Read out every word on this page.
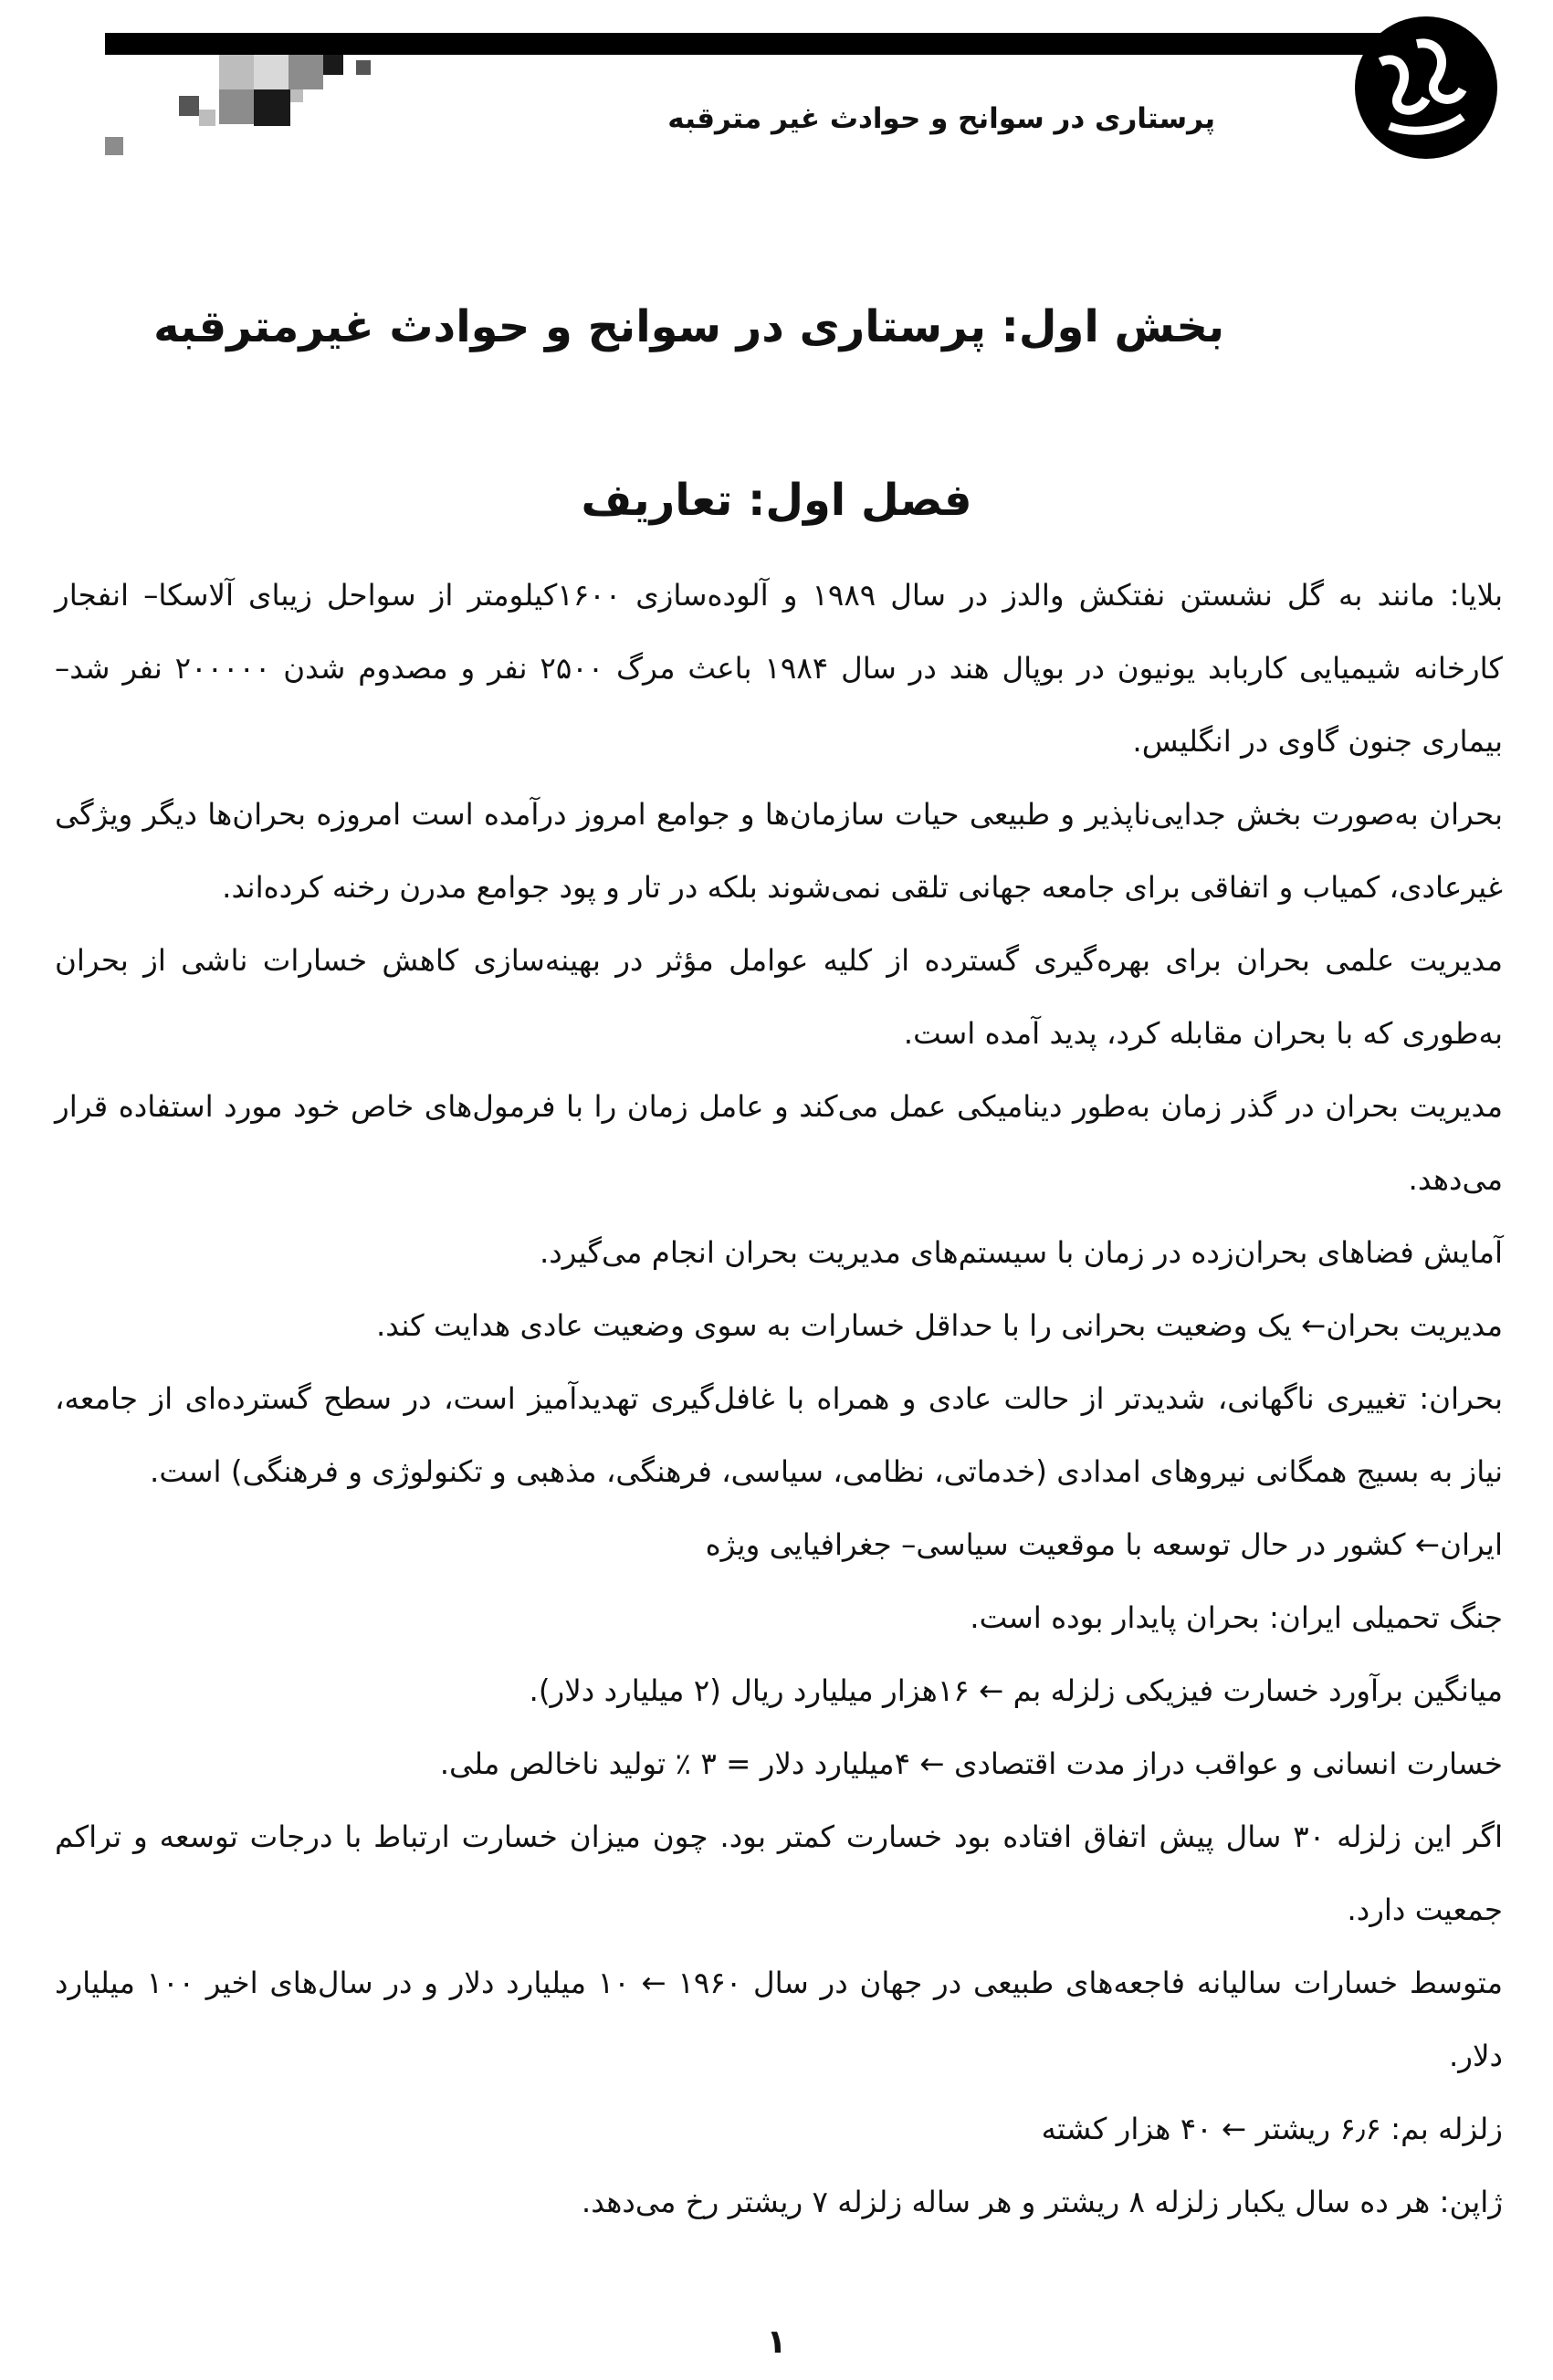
پرستاری در سوانح و حوادث غیر مترقبه
بخش اول: پرستاری در سوانح و حوادث غیرمترقبه
فصل اول: تعاریف

بلایا: مانند به گل نشستن نفتکش والدز در سال ۱۹۸۹ و آلوده‌سازی ۱۶۰۰کیلومتر از سواحل زیبای آلاسکا– انفجار کارخانه شیمیایی کاربابد یونیون در بوپال هند در سال ۱۹۸۴ باعث مرگ ۲۵۰۰ نفر و مصدوم شدن ۲۰۰۰۰۰ نفر شد– بیماری جنون گاوی در انگلیس.

بحران به‌صورت بخش جدایی‌ناپذیر و طبیعی حیات سازمان‌ها و جوامع امروز درآمده است امروزه بحران‌ها دیگر ویژگی غیرعادی، کمیاب و اتفاقی برای جامعه جهانی تلقی نمی‌شوند بلکه در تار و پود جوامع مدرن رخنه کرده‌اند.

مدیریت علمی بحران برای بهره‌گیری گسترده از کلیه عوامل مؤثر در بهینه‌سازی کاهش خسارات ناشی از بحران به‌طوری که با بحران مقابله کرد، پدید آمده است.

مدیریت بحران در گذر زمان به‌طور دینامیکی عمل می‌کند و عامل زمان را با فرمول‌های خاص خود مورد استفاده قرار می‌دهد.

آمایش فضاهای بحران‌زده در زمان با سیستم‌های مدیریت بحران انجام می‌گیرد.

مدیریت بحران← یک وضعیت بحرانی را با حداقل خسارات به سوی وضعیت عادی هدایت کند.

بحران: تغییری ناگهانی، شدیدتر از حالت عادی و همراه با غافل‌گیری تهدیدآمیز است، در سطح گسترده‌ای از جامعه، نیاز به بسیج همگانی نیروهای امدادی (خدماتی، نظامی، سیاسی، فرهنگی، مذهبی و تکنولوژی و فرهنگی) است.

ایران← کشور در حال توسعه با موقعیت سیاسی– جغرافیایی ویژه

جنگ تحمیلی ایران: بحران پایدار بوده است.

میانگین برآورد خسارت فیزیکی زلزله بم ← ۱۶هزار میلیارد ریال (۲ میلیارد دلار).

خسارت انسانی و عواقب دراز مدت اقتصادی ← ۴میلیارد دلار = ۳ ٪ تولید ناخالص ملی.

اگر این زلزله ۳۰ سال پیش اتفاق افتاده بود خسارت کمتر بود. چون میزان خسارت ارتباط با درجات توسعه و تراکم جمعیت دارد.

متوسط خسارات سالیانه فاجعه‌های طبیعی در جهان در سال ۱۹۶۰ ← ۱۰ میلیارد دلار و در سال‌های اخیر ۱۰۰ میلیارد دلار.

زلزله بم: ۶٫۶ ریشتر ← ۴۰ هزار کشته

ژاپن: هر ده سال یکبار زلزله ۸ ریشتر و هر ساله زلزله ۷ ریشتر رخ می‌دهد.

۱
